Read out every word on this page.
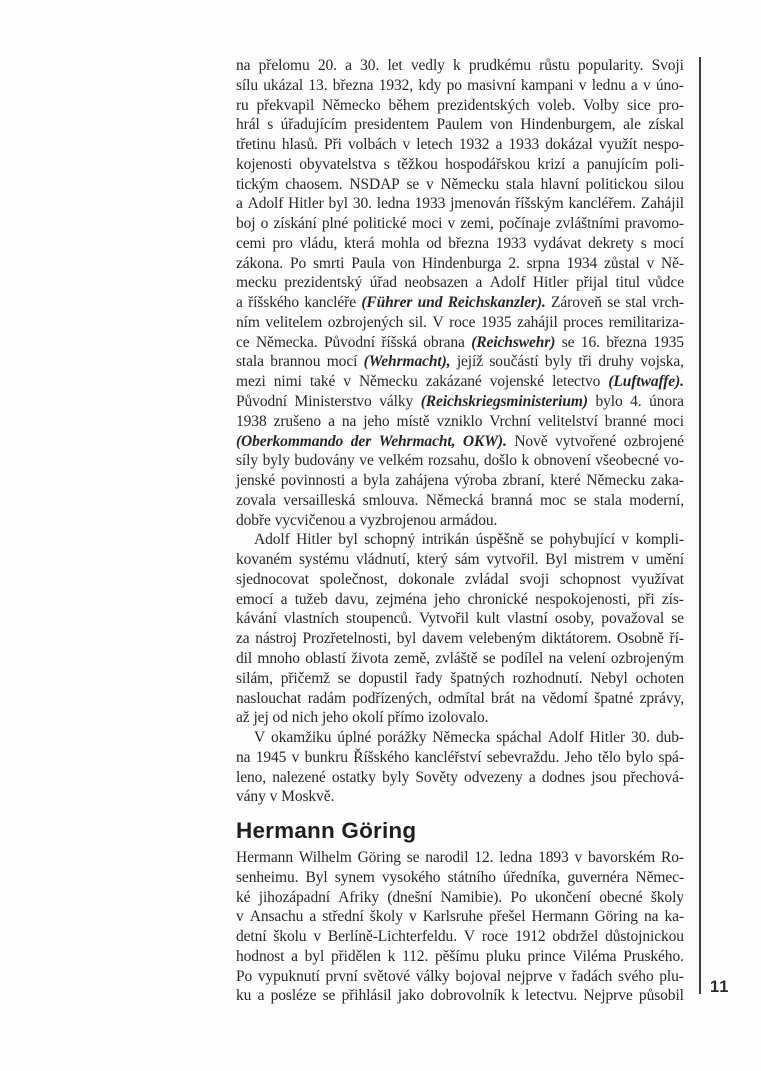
na přelomu 20. a 30. let vedly k prudkému růstu popularity. Svoji
sílu ukázal 13. března 1932, kdy po masivní kampani v lednu a v úno-
ru překvapil Německo během prezidentských voleb. Volby sice pro-
hrál s úřadujícím presidentem Paulem von Hindenburgem, ale získal
třetinu hlasů. Při volbách v letech 1932 a 1933 dokázal využít nespo-
kojenosti obyvatelstva s těžkou hospodářskou krizí a panujícím poli-
tickým chaosem. NSDAP se v Německu stala hlavní politickou silou
a Adolf Hitler byl 30. ledna 1933 jmenován říšským kancléřem. Zahájil
boj o získání plné politické moci v zemi, počínaje zvláštními pravomo-
cemi pro vládu, která mohla od března 1933 vydávat dekrety s mocí
zákona. Po smrti Paula von Hindenburga 2. srpna 1934 zůstal v Ně-
mecku prezidentský úřad neobsazen a Adolf Hitler přijal titul vůdce
a říšského kancléře (Führer und Reichskanzler). Zároveň se stal vrch-
ním velitelem ozbrojených sil. V roce 1935 zahájil proces remilitariza-
ce Německa. Původní říšská obrana (Reichswehr) se 16. března 1935
stala brannou mocí (Wehrmacht), jejíž součástí byly tři druhy vojska,
mezi nimi také v Německu zakázané vojenské letectvo (Luftwaffe).
Původní Ministerstvo války (Reichskriegsministerium) bylo 4. února
1938 zrušeno a na jeho místě vzniklo Vrchní velitelství branné moci
(Oberkommando der Wehrmacht, OKW). Nově vytvořené ozbrojené
síly byly budovány ve velkém rozsahu, došlo k obnovení všeobecné vo-
jenské povinnosti a byla zahájena výroba zbraní, které Německu zaka-
zovala versailleská smlouva. Německá branná moc se stala moderní,
dobře vycvičenou a vyzbrojenou armádou.
Adolf Hitler byl schopný intrikán úspěšně se pohybující v kompli-
kovaném systému vládnutí, který sám vytvořil. Byl mistrem v umění
sjednocovat společnost, dokonale zvládal svoji schopnost využívat
emocí a tužeb davu, zejména jeho chronické nespokojenosti, při zís-
kávání vlastních stoupenců. Vytvořil kult vlastní osoby, považoval se
za nástroj Prozřetelnosti, byl davem velebeným diktátorem. Osobně ří-
dil mnoho oblastí života země, zvláště se podílel na velení ozbrojeným
silám, přičemž se dopustil řady špatných rozhodnutí. Nebyl ochoten
naslouchat radám podřízených, odmítal brát na vědomí špatné zprávy,
až jej od nich jeho okolí přímo izolovalo.
V okamžiku úplné porážky Německa spáchal Adolf Hitler 30. dub-
na 1945 v bunkru Říšského kancléřství sebevraždu. Jeho tělo bylo spá-
leno, nalezené ostatky byly Sověty odvezeny a dodnes jsou přechová-
vány v Moskvě.
Hermann Göring
Hermann Wilhelm Göring se narodil 12. ledna 1893 v bavorském Ro-
senheimu. Byl synem vysokého státního úředníka, guvernéra Němec-
ké jihozápadní Afriky (dnešní Namibie). Po ukončení obecné školy
v Ansachu a střední školy v Karlsruhe přešel Hermann Göring na ka-
detní školu v Berlíně-Lichterfeldu. V roce 1912 obdržel důstojnickou
hodnost a byl přidělen k 112. pěšímu pluku prince Viléma Pruského.
Po vypuknutí první světové války bojoval nejprve v řadách svého plu-
ku a posléze se přihlásil jako dobrovolník k letectvu. Nejprve působil 11
